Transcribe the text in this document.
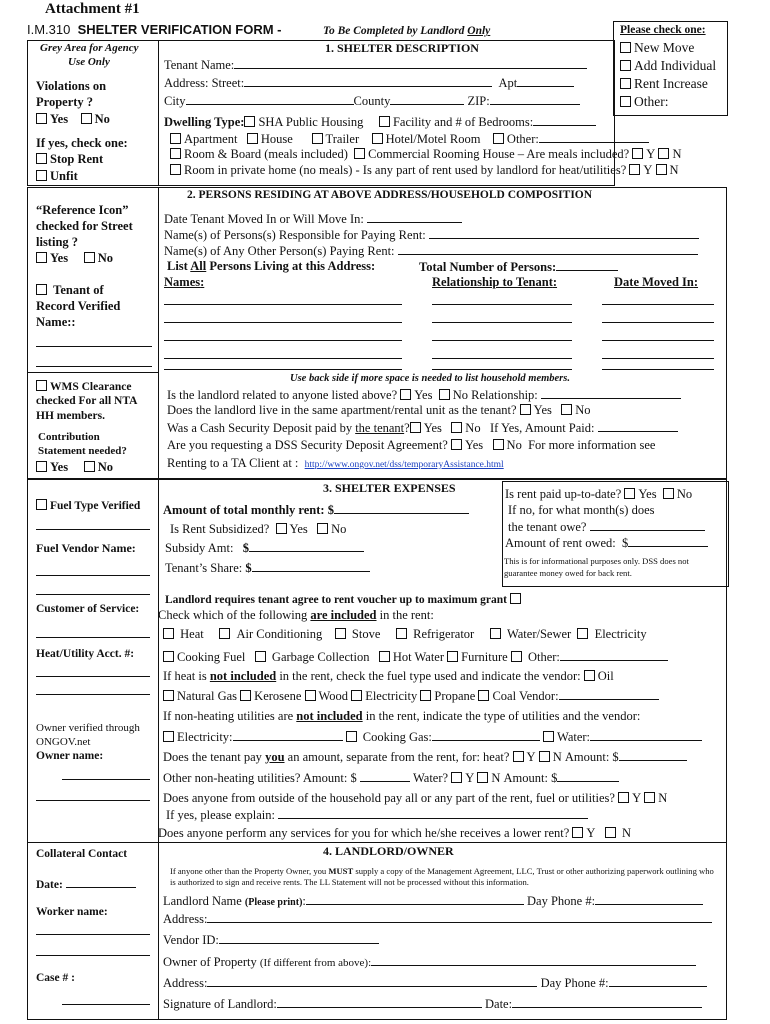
Attachment #1
I.M.310 SHELTER VERIFICATION FORM -	To Be Completed by Landlord Only	Please check one:
New Move
Add Individual
Rent Increase
Other:
Grey Area for Agency
Use Only
Violations on
Property ?
Yes No
If yes, check one:
Stop Rent
Unfit
1. SHELTER DESCRIPTION
Tenant Name:
Address: Street:	Apt
City	County	ZIP:
Dwelling Type: SHA Public Housing Facility and # of Bedrooms:
Apartment House	Trailer Hotel/Motel Room Other:
Room & Board (meals included) Commercial Rooming House – Are meals included? Y N
Room in private home (no meals) - Is any part of rent used by landlord for heat/utilities? Y N
“Reference Icon”
checked for Street
listing ?
Yes No
Tenant of
Record Verified
Name::
WMS Clearance
checked For all NTA
HH members.
Contribution
Statement needed?
Yes No
2. PERSONS RESIDING AT ABOVE ADDRESS/HOUSEHOLD COMPOSITION
Date Tenant Moved In or Will Move In:
Name(s) of Persons(s) Responsible for Paying Rent:
Name(s) of Any Other Person(s) Paying Rent:
List All Persons Living at this Address:	Total Number of Persons:
Names:	Relationship to Tenant:	Date Moved In:
Use back side if more space is needed to list household members.
Is the landlord related to anyone listed above? Yes No Relationship:
Does the landlord live in the same apartment/rental unit as the tenant? Yes No
Was a Cash Security Deposit paid by the tenant? Yes No If Yes, Amount Paid:
Are you requesting a DSS Security Deposit Agreement? Yes No For more information see
Renting to a TA Client at : http://www.ongov.net/dss/temporaryAssistance.html
Fuel Type Verified
Fuel Vendor Name:
Customer of Service:
Heat/Utility Acct. #:
Owner verified through
ONGOV.net
Owner name:
3. SHELTER EXPENSES
Amount of total monthly rent: $
Is Rent Subsidized? Yes No
Subsidy Amt: $
Tenant’s Share: $
Is rent paid up-to-date? Yes No
If no, for what month(s) does
the tenant owe?
Amount of rent owed: $
This is for informational purposes only. DSS does not guarantee money owed for back rent.
Landlord requires tenant agree to rent voucher up to maximum grant
Check which of the following are included in the rent:
Heat	Air Conditioning Stove	Refrigerator	Water/Sewer Electricity
Cooking Fuel Garbage Collection Hot Water Furniture Other:
If heat is not included in the rent, check the fuel type used and indicate the vendor: Oil
Natural Gas Kerosene Wood Electricity Propane Coal Vendor:
If non-heating utilities are not included in the rent, indicate the type of utilities and the vendor:
Electricity:	Cooking Gas:	Water:
Does the tenant pay you an amount, separate from the rent, for: heat? Y N Amount: $
Other non-heating utilities? Amount: $	Water? Y N Amount: $
Does anyone from outside of the household pay all or any part of the rent, fuel or utilities? Y N
If yes, please explain:
Does anyone perform any services for you for which he/she receives a lower rent? Y N
Collateral Contact
Date:
Worker name:
Case # :
4. LANDLORD/OWNER
If anyone other than the Property Owner, you MUST supply a copy of the Management Agreement, LLC, Trust or other authorizing paperwork outlining who is authorized to sign and receive rents. The LL Statement will not be processed without this information.
Landlord Name (Please print):	Day Phone #:
Address:
Vendor ID:
Owner of Property (If different from above):
Address:	Day Phone #:
Signature of Landlord:	Date:
